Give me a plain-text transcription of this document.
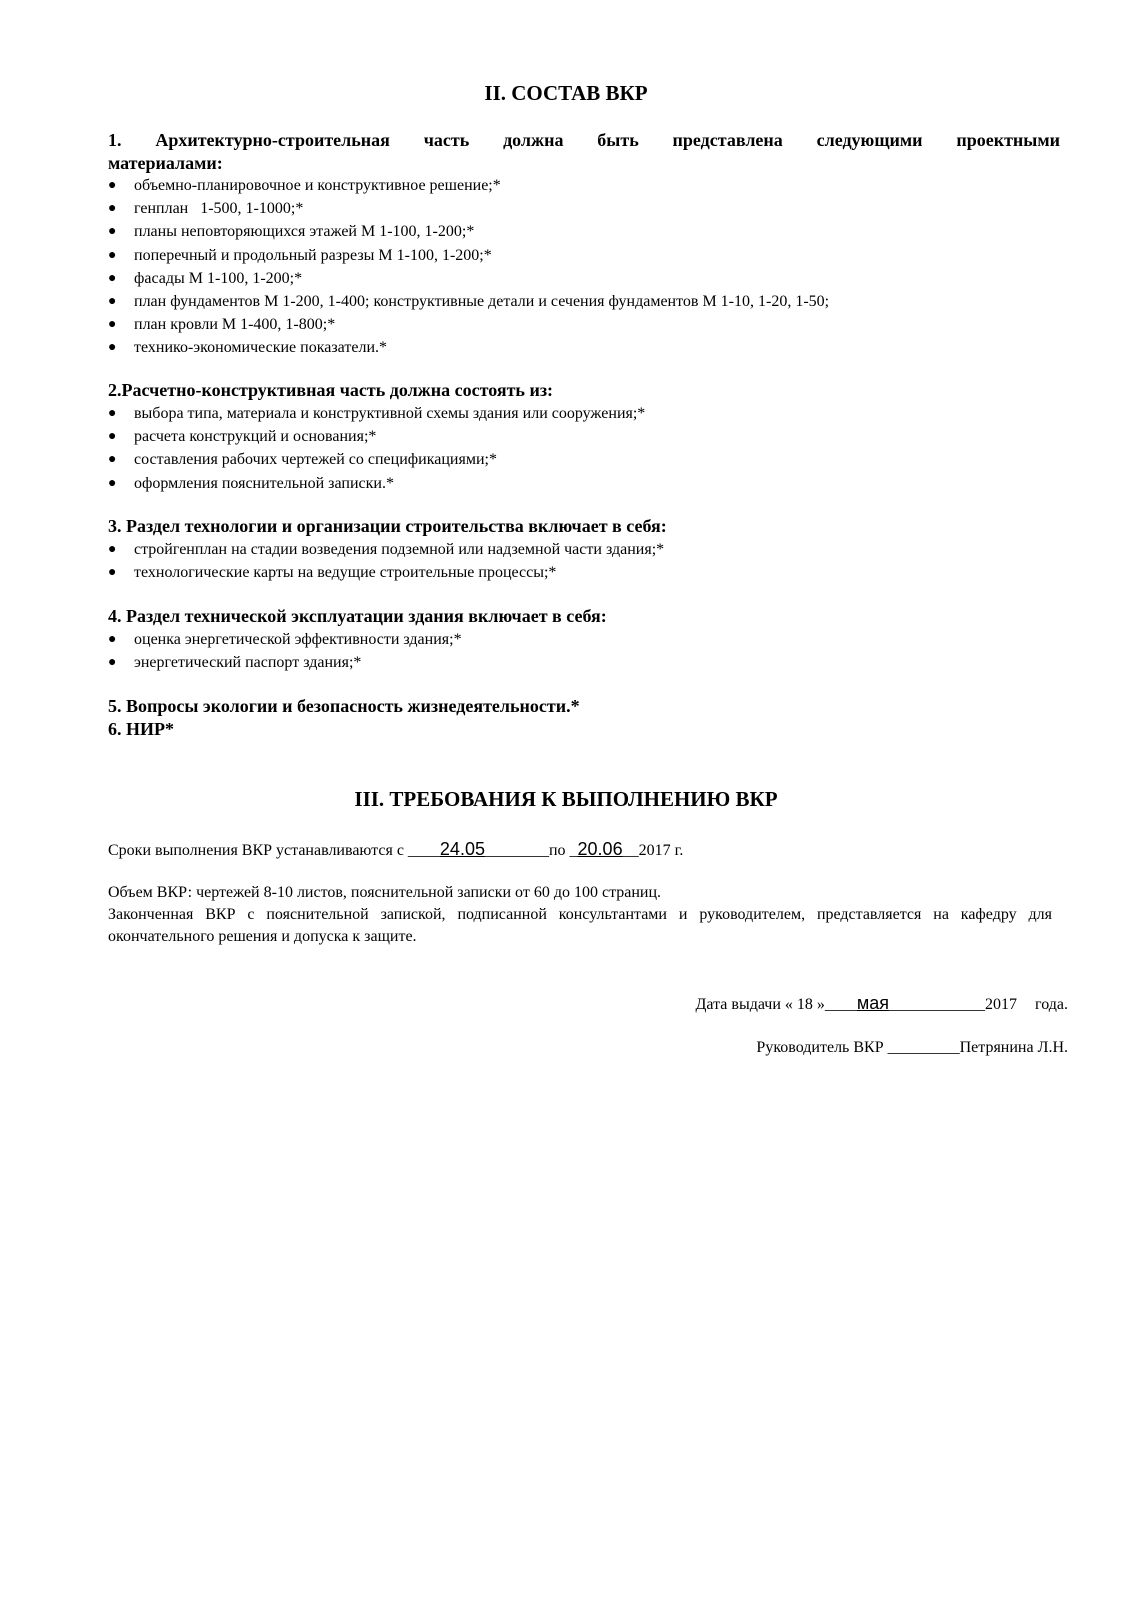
II. СОСТАВ ВКР
1. Архитектурно-строительная часть должна быть представлена следующими проектными
материалами:
● объемно-планировочное и конструктивное решение;*
● генплан   1-500, 1-1000;*
● планы неповторяющихся этажей М 1-100, 1-200;*
● поперечный и продольный разрезы М 1-100, 1-200;*
● фасады М 1-100, 1-200;*
● план фундаментов М 1-200, 1-400; конструктивные детали и сечения фундаментов М 1-10, 1-20, 1-50;
● план кровли М 1-400, 1-800;*
● технико-экономические показатели.*
2.Расчетно-конструктивная часть должна состоять из:
● выбора типа, материала и конструктивной схемы здания или сооружения;*
● расчета конструкций и основания;*
● составления рабочих чертежей со спецификациями;*
● оформления пояснительной записки.*
3. Раздел технологии и организации строительства включает в себя:
● стройгенплан на стадии возведения подземной или надземной части здания;*
● технологические карты на ведущие строительные процессы;*
4. Раздел технической эксплуатации здания включает в себя:
● оценка энергетической эффективности здания;*
● энергетический паспорт здания;*
5. Вопросы экологии и безопасность жизнедеятельности.*
6. НИР*
III. ТРЕБОВАНИЯ К ВЫПОЛНЕНИЮ ВКР
Сроки выполнения ВКР устанавливаются с ____24.05________по _20.06__2017 г.
Объем ВКР: чертежей 8-10 листов, пояснительной записки от 60 до 100 страниц.
Законченная ВКР с пояснительной запиской, подписанной консультантами и руководителем, представляется на кафедру для окончательного решения и допуска к защите.
Дата выдачи « 18 »____мая____________2017 года.
Руководитель ВКР _________Петрянина Л.Н.
